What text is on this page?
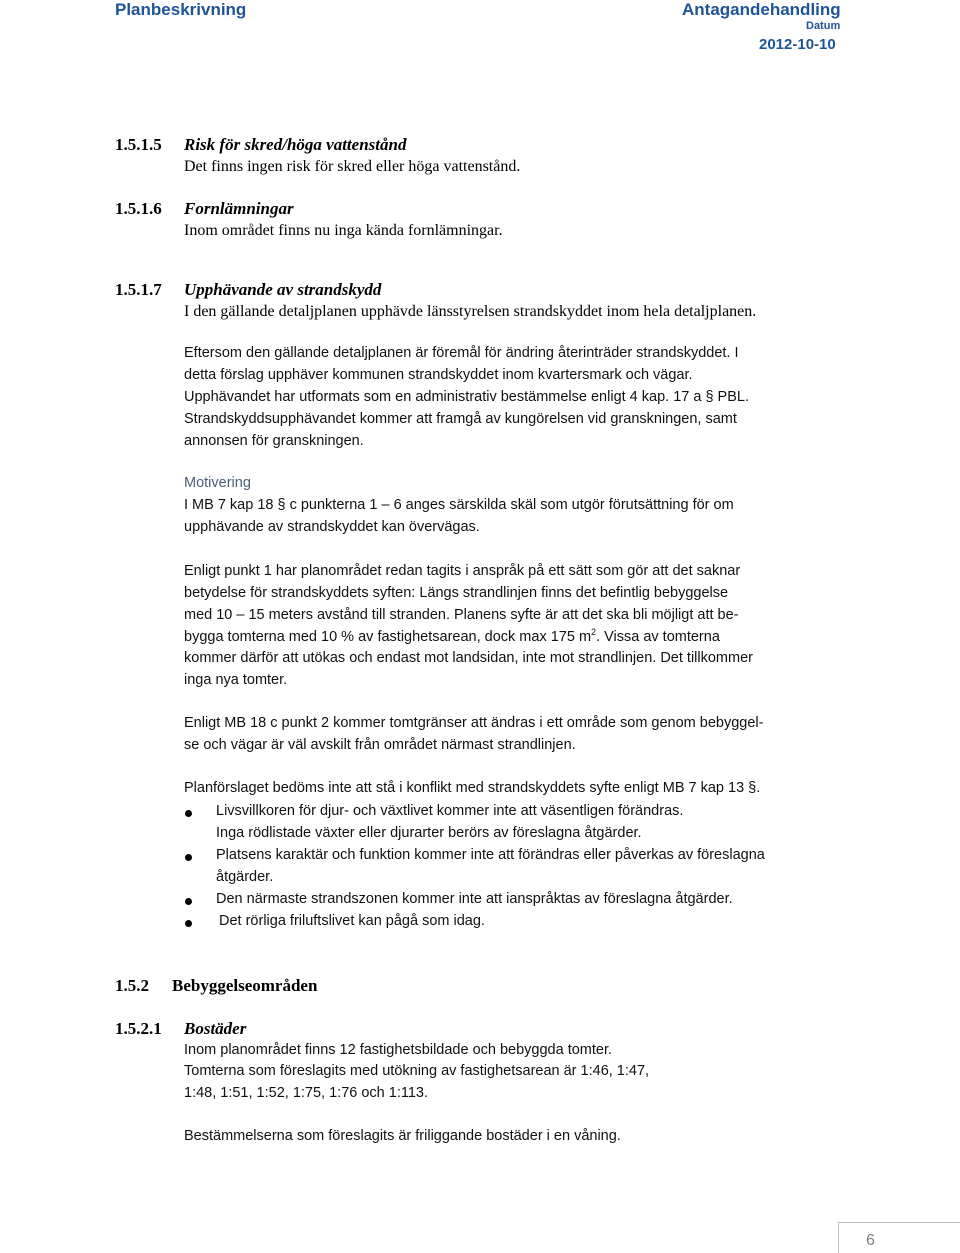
Planbeskrivning	Antagandehandling
Datum
2012-10-10
1.5.1.5 Risk för skred/höga vattenstånd
Det finns ingen risk för skred eller höga vattenstånd.
1.5.1.6 Fornlämningar
Inom området finns nu inga kända fornlämningar.
1.5.1.7 Upphävande av strandskydd
I den gällande detaljplanen upphävde länsstyrelsen strandskyddet inom hela detaljplanen.
Eftersom den gällande detaljplanen är föremål för ändring återinträder strandskyddet. I
detta förslag upphäver kommunen strandskyddet inom kvartersmark och vägar.
Upphävandet har utformats som en administrativ bestämmelse enligt 4 kap. 17 a § PBL.
Strandskyddsupphävandet kommer att framgå av kungörelsen vid granskningen, samt
annonsen för granskningen.
Motivering
I MB 7 kap 18 § c punkterna 1 – 6 anges särskilda skäl som utgör förutsättning för om
upphävande av strandskyddet kan övervägas.
Enligt punkt 1 har planområdet redan tagits i anspråk på ett sätt som gör att det saknar
betydelse för strandskyddets syften: Längs strandlinjen finns det befintlig bebyggelse
med 10 – 15 meters avstånd till stranden. Planens syfte är att det ska bli möjligt att be-
bygga tomterna med 10 % av fastighetsarean, dock max 175 $m^2$. Vissa av tomterna
kommer därför att utökas och endast mot landsidan, inte mot strandlinjen. Det tillkommer
inga nya tomter.
Enligt MB 18 c punkt 2 kommer tomtgränser att ändras i ett område som genom bebyggel-
se och vägar är väl avskilt från området närmast strandlinjen.
Planförslaget bedöms inte att stå i konflikt med strandskyddets syfte enligt MB 7 kap 13 §.
Livsvillkoren för djur- och växtlivet kommer inte att väsentligen förändras.
Inga rödlistade växter eller djurarter berörs av föreslagna åtgärder.
Platsens karaktär och funktion kommer inte att förändras eller påverkas av föreslagna
åtgärder.
Den närmaste strandszonen kommer inte att ianspråktas av föreslagna åtgärder.
Det rörliga friluftslivet kan pågå som idag.
1.5.2 Bebyggelseområden
1.5.2.1 Bostäder
Inom planområdet finns 12 fastighetsbildade och bebyggda tomter.
Tomterna som föreslagits med utökning av fastighetsarean är 1:46, 1:47,
1:48, 1:51, 1:52, 1:75, 1:76 och 1:113.
Bestämmelserna som föreslagits är friliggande bostäder i en våning.
6
